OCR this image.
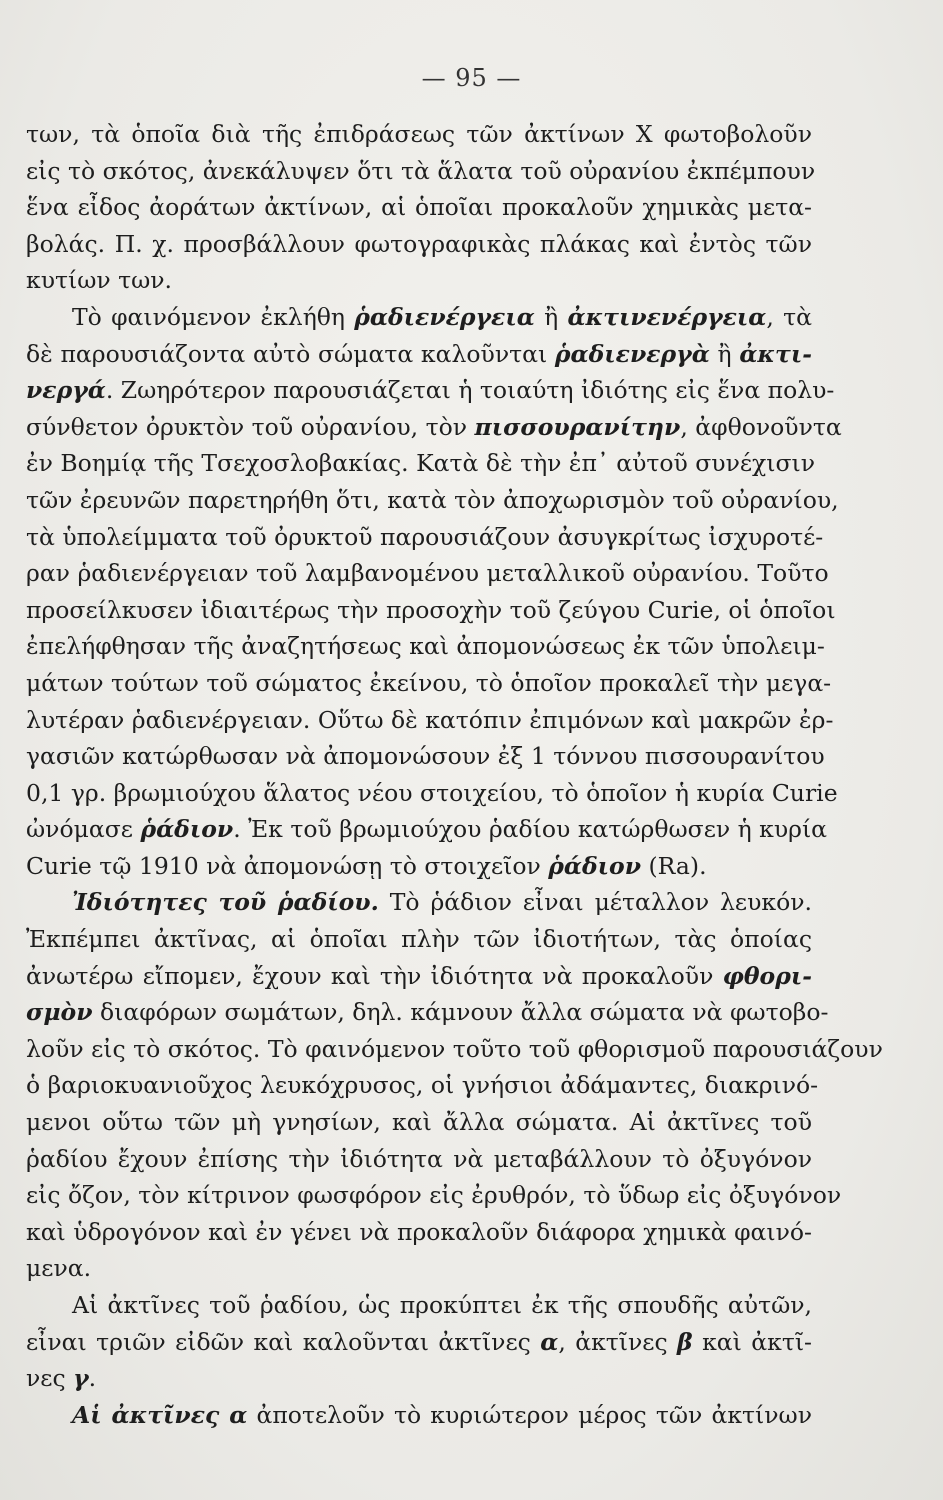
— 95 —
των, τὰ ὁποῖα διὰ τῆς ἐπιδράσεως τῶν ἀκτίνων X φωτοβολοῦν
εἰς τὸ σκότος, ἀνεκάλυψεν ὅτι τὰ ἅλατα τοῦ οὐρανίου ἐκπέμπουν
ἕνα εἶδος ἀοράτων ἀκτίνων, αἱ ὁποῖαι προκαλοῦν χημικὰς μετα-
βολάς. Π. χ. προσβάλλουν φωτογραφικὰς πλάκας καὶ ἐντὸς τῶν
κυτίων των.
Τὸ φαινόμενον ἐκλήθη ῥαδιενέργεια ἢ ἀκτινενέργεια, τὰ
δὲ παρουσιάζοντα αὐτὸ σώματα καλοῦνται ῥαδιενεργὰ ἢ ἀκτι-
νεργά. Ζωηρότερον παρουσιάζεται ἡ τοιαύτη ἰδιότης εἰς ἕνα πολυ-
σύνθετον ὀρυκτὸν τοῦ οὐρανίου, τὸν πισσουρανίτην, ἀφθονοῦντα
ἐν Βοημίᾳ τῆς Τσεχοσλοβακίας. Κατὰ δὲ τὴν ἐπ᾽ αὐτοῦ συνέχισιν
τῶν ἐρευνῶν παρετηρήθη ὅτι, κατὰ τὸν ἀποχωρισμὸν τοῦ οὐρανίου,
τὰ ὑπολείμματα τοῦ ὀρυκτοῦ παρουσιάζουν ἀσυγκρίτως ἰσχυροτέ-
ραν ῥαδιενέργειαν τοῦ λαμβανομένου μεταλλικοῦ οὐρανίου. Τοῦτο
προσείλκυσεν ἰδιαιτέρως τὴν προσοχὴν τοῦ ζεύγου Curie, οἱ ὁποῖοι
ἐπελήφθησαν τῆς ἀναζητήσεως καὶ ἀπομονώσεως ἐκ τῶν ὑπολειμ-
μάτων τούτων τοῦ σώματος ἐκείνου, τὸ ὁποῖον προκαλεῖ τὴν μεγα-
λυτέραν ῥαδιενέργειαν. Οὕτω δὲ κατόπιν ἐπιμόνων καὶ μακρῶν ἐρ-
γασιῶν κατώρθωσαν νὰ ἀπομονώσουν ἐξ 1 τόννου πισσουρανίτου
0,1 γρ. βρωμιούχου ἅλατος νέου στοιχείου, τὸ ὁποῖον ἡ κυρία Curie
ὠνόμασε ῥάδιον. Ἐκ τοῦ βρωμιούχου ῥαδίου κατώρθωσεν ἡ κυρία
Curie τῷ 1910 νὰ ἀπομονώσῃ τὸ στοιχεῖον ῥάδιον (Ra).
Ἰδιότητες τοῦ ῥαδίου. Τὸ ῥάδιον εἶναι μέταλλον λευκόν.
Ἐκπέμπει ἀκτῖνας, αἱ ὁποῖαι πλὴν τῶν ἰδιοτήτων, τὰς ὁποίας
ἀνωτέρω εἴπομεν, ἔχουν καὶ τὴν ἰδιότητα νὰ προκαλοῦν φθορι-
σμὸν διαφόρων σωμάτων, δηλ. κάμνουν ἄλλα σώματα νὰ φωτοβο-
λοῦν εἰς τὸ σκότος. Τὸ φαινόμενον τοῦτο τοῦ φθορισμοῦ παρουσιάζουν
ὁ βαριοκυανιοῦχος λευκόχρυσος, οἱ γνήσιοι ἀδάμαντες, διακρινό-
μενοι οὕτω τῶν μὴ γνησίων, καὶ ἄλλα σώματα. Αἱ ἀκτῖνες τοῦ
ῥαδίου ἔχουν ἐπίσης τὴν ἰδιότητα νὰ μεταβάλλουν τὸ ὀξυγόνον
εἰς ὄζον, τὸν κίτρινον φωσφόρον εἰς ἐρυθρόν, τὸ ὕδωρ εἰς ὀξυγόνον
καὶ ὑδρογόνον καὶ ἐν γένει νὰ προκαλοῦν διάφορα χημικὰ φαινό-
μενα.
Αἱ ἀκτῖνες τοῦ ῥαδίου, ὡς προκύπτει ἐκ τῆς σπουδῆς αὐτῶν,
εἶναι τριῶν εἰδῶν καὶ καλοῦνται ἀκτῖνες α, ἀκτῖνες β καὶ ἀκτῖ-
νες γ.
Αἱ ἀκτῖνες α ἀποτελοῦν τὸ κυριώτερον μέρος τῶν ἀκτίνων
